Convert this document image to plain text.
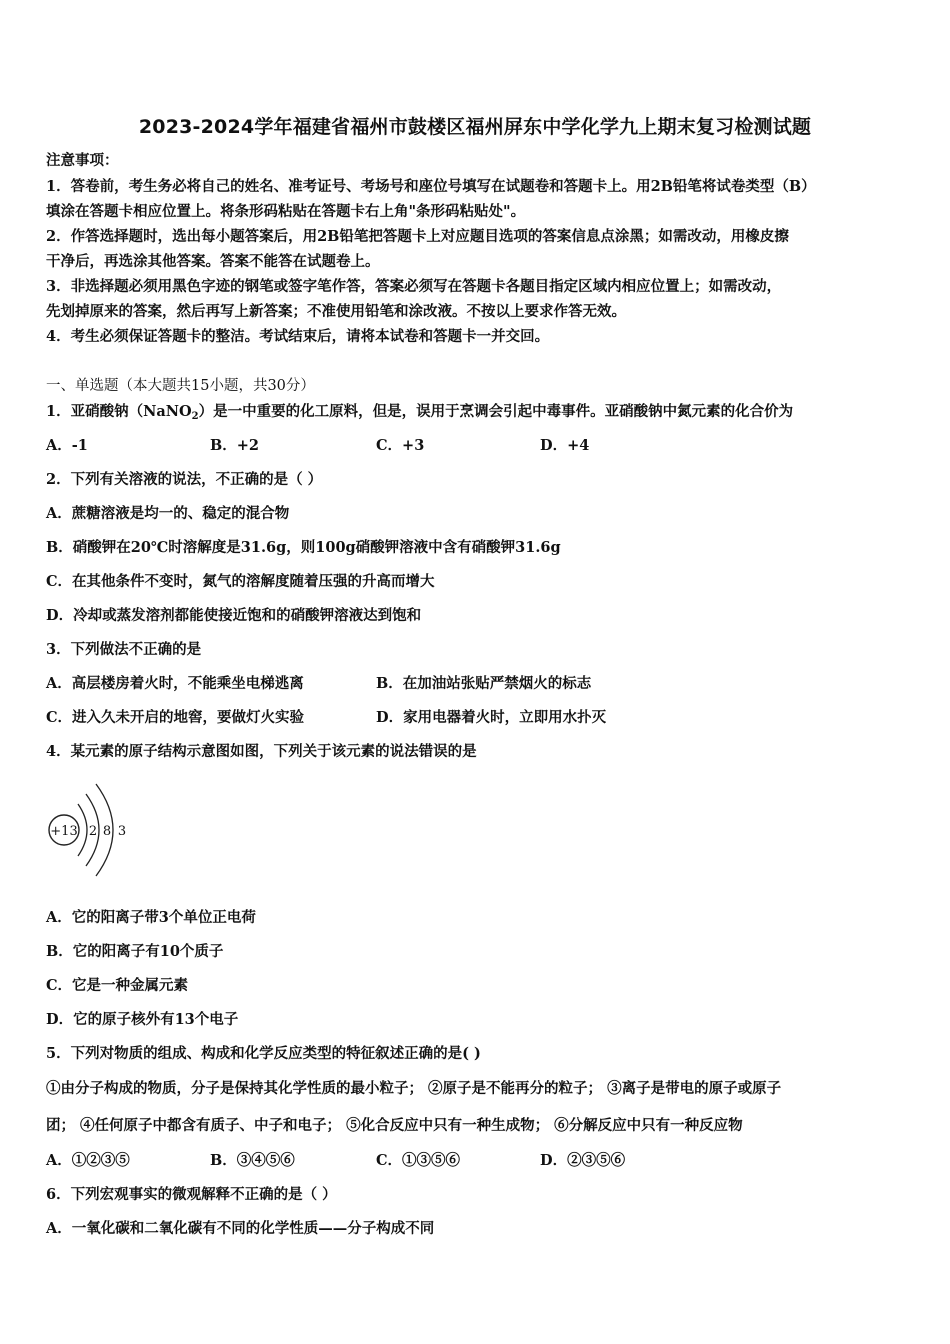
2023-2024学年福建省福州市鼓楼区福州屏东中学化学九上期末复习检测试题
注意事项：
1．答卷前，考生务必将自己的姓名、准考证号、考场号和座位号填写在试题卷和答题卡上。用2B铅笔将试卷类型（B）
填涂在答题卡相应位置上。将条形码粘贴在答题卡右上角"条形码粘贴处"。
2．作答选择题时，选出每小题答案后，用2B铅笔把答题卡上对应题目选项的答案信息点涂黑；如需改动，用橡皮擦
干净后，再选涂其他答案。答案不能答在试题卷上。
3．非选择题必须用黑色字迹的钢笔或签字笔作答，答案必须写在答题卡各题目指定区域内相应位置上；如需改动，
先划掉原来的答案，然后再写上新答案；不准使用铅笔和涂改液。不按以上要求作答无效。
4．考生必须保证答题卡的整洁。考试结束后，请将本试卷和答题卡一并交回。
一、单选题（本大题共15小题，共30分）
1．亚硝酸钠（NaNO$_2$）是一中重要的化工原料，但是，误用于烹调会引起中毒事件。亚硝酸钠中氮元素的化合价为
A．-1	B．+2	C．+3	D．+4
2．下列有关溶液的说法，不正确的是（ ）
A．蔗糖溶液是均一的、稳定的混合物
B．硝酸钾在20℃时溶解度是31.6g，则100g硝酸钾溶液中含有硝酸钾31.6g
C．在其他条件不变时，氮气的溶解度随着压强的升高而增大
D．冷却或蒸发溶剂都能使接近饱和的硝酸钾溶液达到饱和
3．下列做法不正确的是
A．高层楼房着火时，不能乘坐电梯逃离	B．在加油站张贴严禁烟火的标志
C．进入久未开启的地窖，要做灯火实验	D．家用电器着火时，立即用水扑灭
4．某元素的原子结构示意图如图，下列关于该元素的说法错误的是
+13 2 8 3
A．它的阳离子带3个单位正电荷
B．它的阳离子有10个质子
C．它是一种金属元素
D．它的原子核外有13个电子
5．下列对物质的组成、构成和化学反应类型的特征叙述正确的是( )
①由分子构成的物质，分子是保持其化学性质的最小粒子； ②原子是不能再分的粒子； ③离子是带电的原子或原子
团； ④任何原子中都含有质子、中子和电子； ⑤化合反应中只有一种生成物； ⑥分解反应中只有一种反应物
A．①②③⑤	B．③④⑤⑥	C．①③⑤⑥	D．②③⑤⑥
6．下列宏观事实的微观解释不正确的是（ ）
A．一氧化碳和二氧化碳有不同的化学性质——分子构成不同
